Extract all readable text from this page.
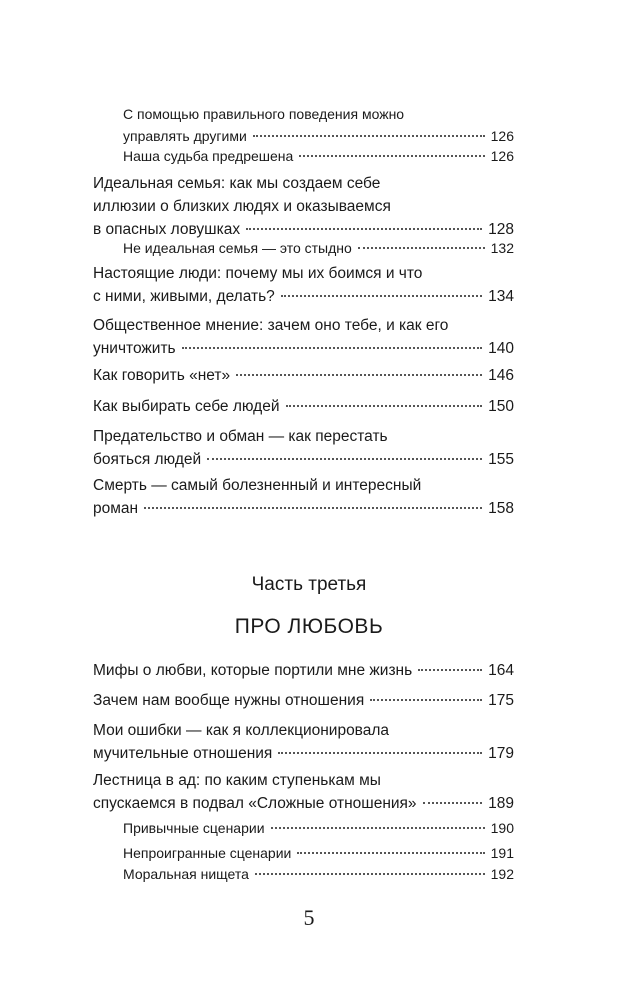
С помощью правильного поведения можно
управлять другими	126
Наша судьба предрешена	126
Идеальная семья: как мы создаем себе
иллюзии о близких людях и оказываемся
в опасных ловушках	128
Не идеальная семья — это стыдно	132
Настоящие люди: почему мы их боимся и что
с ними, живыми, делать?	134
Общественное мнение: зачем оно тебе, и как его
уничтожить	140
Как говорить «нет»	146
Как выбирать себе людей	150
Предательство и обман — как перестать
бояться людей	155
Смерть — самый болезненный и интересный
роман	158
Часть третья
ПРО ЛЮБОВЬ
Мифы о любви, которые портили мне жизнь	164
Зачем нам вообще нужны отношения	175
Мои ошибки — как я коллекционировала
мучительные отношения	179
Лестница в ад: по каким ступенькам мы
спускаемся в подвал «Сложные отношения»	189
Привычные сценарии	190
Непроигранные сценарии	191
Моральная нищета	192
5
